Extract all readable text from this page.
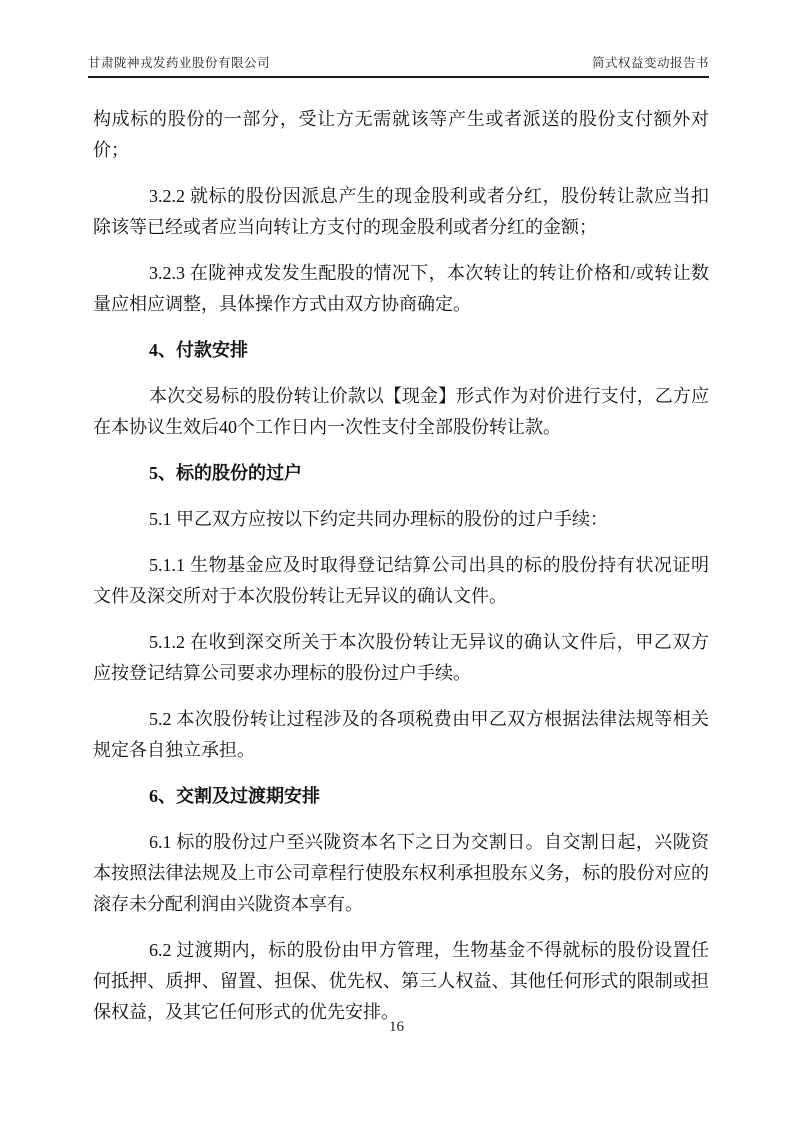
甘肃陇神戎发药业股份有限公司	简式权益变动报告书

构成标的股份的一部分，受让方无需就该等产生或者派送的股份支付额外对价；

3.2.2 就标的股份因派息产生的现金股利或者分红，股份转让款应当扣除该等已经或者应当向转让方支付的现金股利或者分红的金额；

3.2.3 在陇神戎发发生配股的情况下，本次转让的转让价格和/或转让数量应相应调整，具体操作方式由双方协商确定。

4、付款安排

本次交易标的股份转让价款以【现金】形式作为对价进行支付，乙方应在本协议生效后40个工作日内一次性支付全部股份转让款。

5、标的股份的过户

5.1 甲乙双方应按以下约定共同办理标的股份的过户手续：

5.1.1 生物基金应及时取得登记结算公司出具的标的股份持有状况证明文件及深交所对于本次股份转让无异议的确认文件。

5.1.2 在收到深交所关于本次股份转让无异议的确认文件后，甲乙双方应按登记结算公司要求办理标的股份过户手续。

5.2 本次股份转让过程涉及的各项税费由甲乙双方根据法律法规等相关规定各自独立承担。

6、交割及过渡期安排

6.1 标的股份过户至兴陇资本名下之日为交割日。自交割日起，兴陇资本按照法律法规及上市公司章程行使股东权利承担股东义务，标的股份对应的滚存未分配利润由兴陇资本享有。

6.2 过渡期内，标的股份由甲方管理，生物基金不得就标的股份设置任何抵押、质押、留置、担保、优先权、第三人权益、其他任何形式的限制或担保权益，及其它任何形式的优先安排。

16
